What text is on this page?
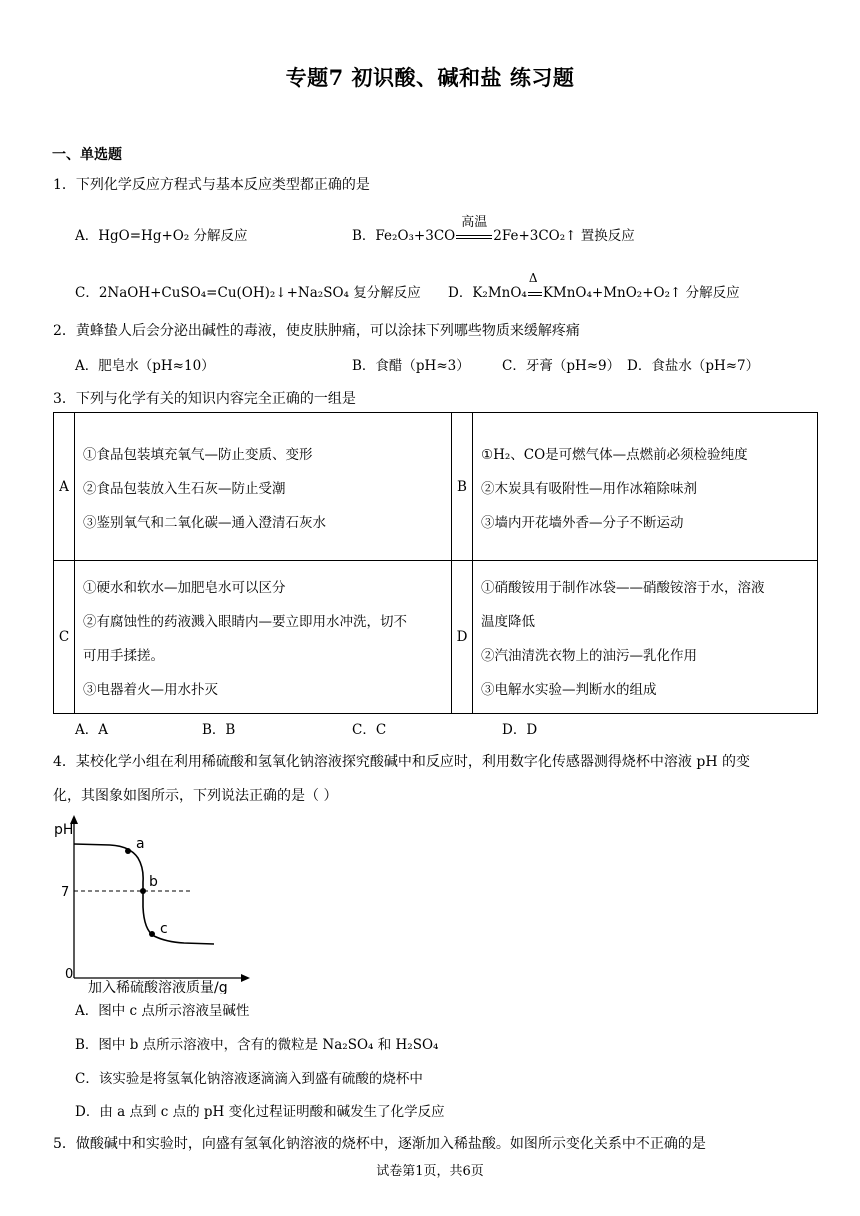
专题7 初识酸、碱和盐 练习题
一、单选题
1．下列化学反应方程式与基本反应类型都正确的是
A．HgO=Hg+O₂ 分解反应	B．Fe₂O₃+3CO
高温
2Fe+3CO₂↑ 置换反应
C．2NaOH+CuSO₄=Cu(OH)₂↓+Na₂SO₄ 复分解反应 D．K₂MnO₄
Δ
KMnO₄+MnO₂+O₂↑ 分解反应
2．黄蜂蛰人后会分泌出碱性的毒液，使皮肤肿痛，可以涂抹下列哪些物质来缓解疼痛
A．肥皂水（pH≈10）	B．食醋（pH≈3） C．牙膏（pH≈9） D．食盐水（pH≈7）
3．下列与化学有关的知识内容完全正确的一组是
A	①食品包装填充氧气—防止变质、变形
②食品包装放入生石灰—防止受潮
③鉴别氧气和二氧化碳—通入澄清石灰水	B	①H₂、CO是可燃气体—点燃前必须检验纯度
②木炭具有吸附性—用作冰箱除味剂
③墙内开花墙外香—分子不断运动

C	①硬水和软水—加肥皂水可以区分
②有腐蚀性的药液溅入眼睛内—要立即用水冲洗，切不
可用手揉搓。
③电器着火—用水扑灭	D	①硝酸铵用于制作冰袋——硝酸铵溶于水，溶液
温度降低
②汽油清洗衣物上的油污—乳化作用
③电解水实验—判断水的组成
A．A	B．B	C．C	D．D
4．某校化学小组在利用稀硫酸和氢氧化钠溶液探究酸碱中和反应时，利用数字化传感器测得烧杯中溶液 pH 的变
化，其图象如图所示，下列说法正确的是（ ）
pH
7
0
a
b
c
加入稀硫酸溶液质量/g
A．图中 c 点所示溶液呈碱性
B．图中 b 点所示溶液中，含有的微粒是 Na₂SO₄ 和 H₂SO₄
C．该实验是将氢氧化钠溶液逐滴滴入到盛有硫酸的烧杯中
D．由 a 点到 c 点的 pH 变化过程证明酸和碱发生了化学反应
5．做酸碱中和实验时，向盛有氢氧化钠溶液的烧杯中，逐渐加入稀盐酸。如图所示变化关系中不正确的是
试卷第1页，共6页
